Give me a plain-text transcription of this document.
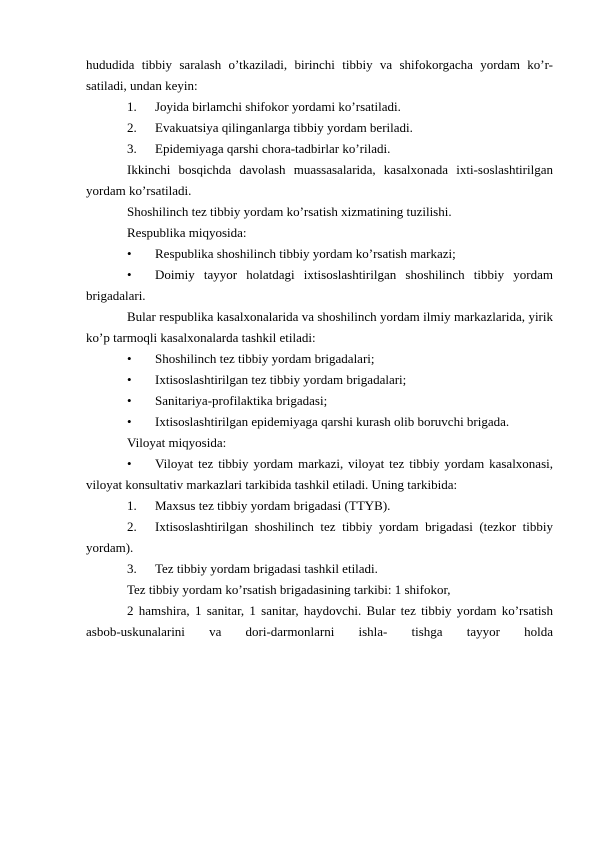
hududida tibbiy saralash o’tkaziladi, birinchi tibbiy va shifokorgacha yordam ko’r-satiladi, undan keyin:

1. Joyida birlamchi shifokor yordami ko’rsatiladi.
2. Evakuatsiya qilinganlarga tibbiy yordam beriladi.
3. Epidemiyaga qarshi chora-tadbirlar ko’riladi.

Ikkinchi bosqichda davolash muassasalarida, kasalxonada ixti-soslashtirilgan yordam ko’rsatiladi.

Shoshilinch tez tibbiy yordam ko’rsatish xizmatining tuzilishi.

Respublika miqyosida:

• Respublika shoshilinch tibbiy yordam ko’rsatish markazi;
• Doimiy tayyor holatdagi ixtisoslashtirilgan shoshilinch tibbiy yordam brigadalari.

Bular respublika kasalxonalarida va shoshilinch yordam ilmiy markazlarida, yirik ko’p tarmoqli kasalxonalarda tashkil etiladi:

• Shoshilinch tez tibbiy yordam brigadalari;
• Ixtisoslashtirilgan tez tibbiy yordam brigadalari;
• Sanitariya-profilaktika brigadasi;
• Ixtisoslashtirilgan epidemiyaga qarshi kurash olib boruvchi brigada.

Viloyat miqyosida:

• Viloyat tez tibbiy yordam markazi, viloyat tez tibbiy yordam kasalxonasi, viloyat konsultativ markazlari tarkibida tashkil etiladi. Uning tarkibida:
1. Maxsus tez tibbiy yordam brigadasi (TTYB).
2. Ixtisoslashtirilgan shoshilinch tez tibbiy yordam brigadasi (tezkor tibbiy yordam).
3. Tez tibbiy yordam brigadasi tashkil etiladi.

Tez tibbiy yordam ko’rsatish brigadasining tarkibi: 1 shifokor,

2 hamshira, 1 sanitar, 1 sanitar, haydovchi. Bular tez tibbiy yordam ko’rsatish asbob-uskunalarini va dori-darmonlarni ishla- tishga tayyor holda
